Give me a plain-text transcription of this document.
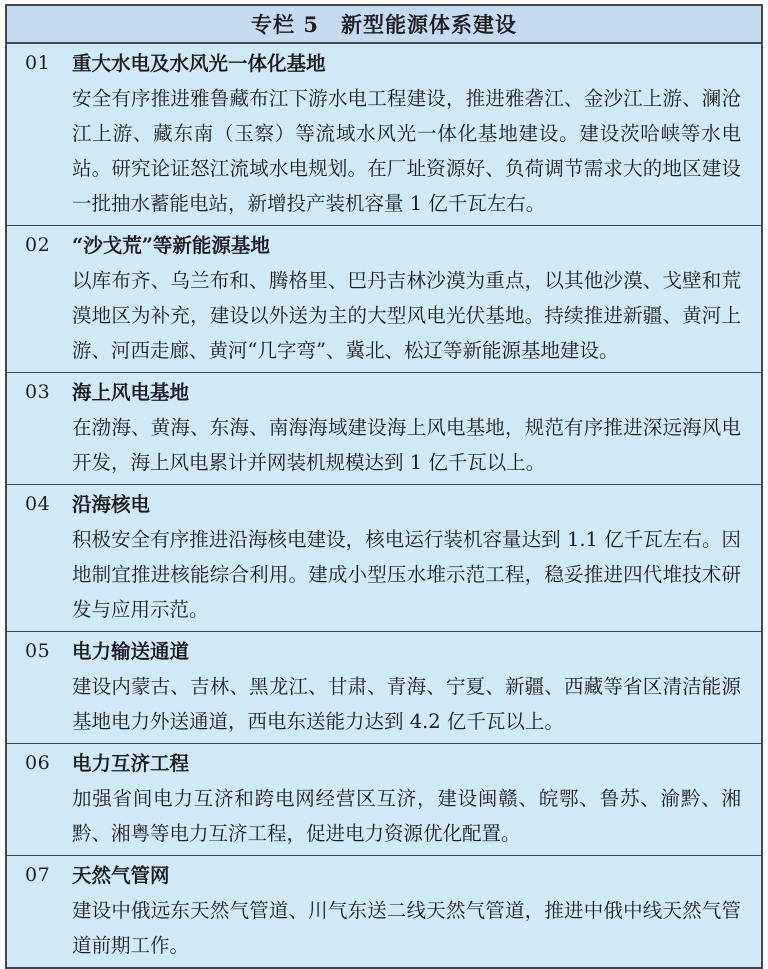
专栏 5　新型能源体系建设
01	重大水电及水风光一体化基地

安全有序推进雅鲁藏布江下游水电工程建设，推进雅砻江、金沙江上游、澜沧江上游、藏东南（玉察）等流域水风光一体化基地建设。建设茨哈峡等水电站。研究论证怒江流域水电规划。在厂址资源好、负荷调节需求大的地区建设一批抽水蓄能电站，新增投产装机容量 1 亿千瓦左右。

02	“沙戈荒”等新能源基地

以库布齐、乌兰布和、腾格里、巴丹吉林沙漠为重点，以其他沙漠、戈壁和荒漠地区为补充，建设以外送为主的大型风电光伏基地。持续推进新疆、黄河上游、河西走廊、黄河“几字弯”、冀北、松辽等新能源基地建设。

03	海上风电基地

在渤海、黄海、东海、南海海域建设海上风电基地，规范有序推进深远海风电开发，海上风电累计并网装机规模达到 1 亿千瓦以上。

04	沿海核电

积极安全有序推进沿海核电建设，核电运行装机容量达到 1.1 亿千瓦左右。因地制宜推进核能综合利用。建成小型压水堆示范工程，稳妥推进四代堆技术研发与应用示范。

05	电力输送通道

建设内蒙古、吉林、黑龙江、甘肃、青海、宁夏、新疆、西藏等省区清洁能源基地电力外送通道，西电东送能力达到 4.2 亿千瓦以上。

06	电力互济工程

加强省间电力互济和跨电网经营区互济，建设闽赣、皖鄂、鲁苏、渝黔、湘黔、湘粤等电力互济工程，促进电力资源优化配置。

07	天然气管网

建设中俄远东天然气管道、川气东送二线天然气管道，推进中俄中线天然气管道前期工作。
